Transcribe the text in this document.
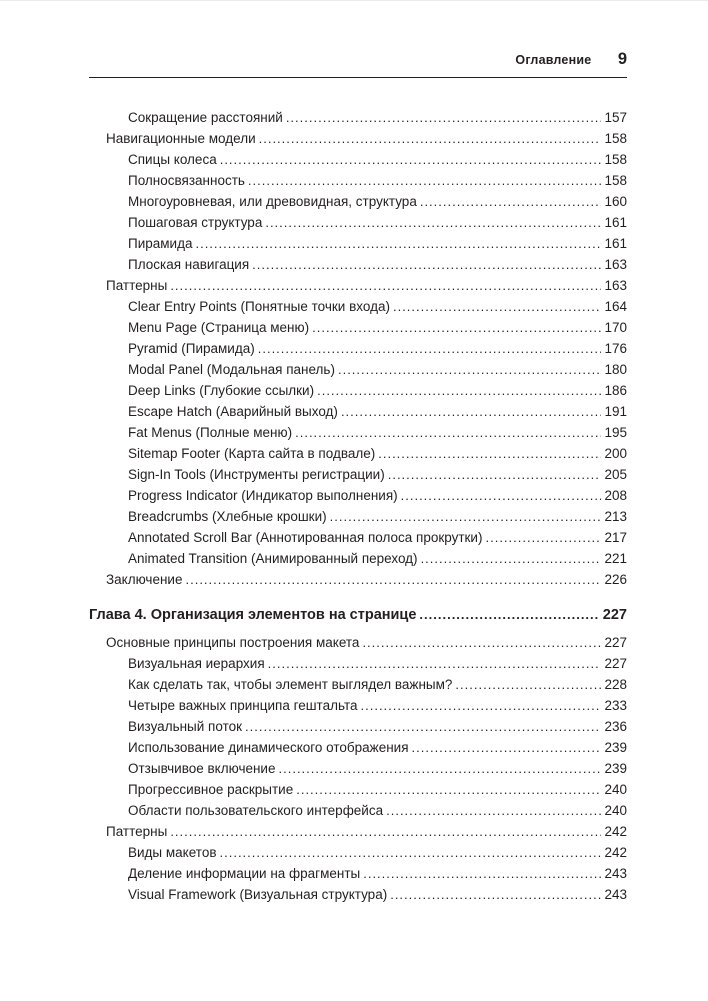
Оглавление 9
Сокращение расстояний .....	157
Навигационные модели .....	158
Спицы колеса .....	158
Полносвязанность .....	158
Многоуровневая, или древовидная, структура .....	160
Пошаговая структура .....	161
Пирамида .....	161
Плоская навигация .....	163
Паттерны .....	163
Clear Entry Points (Понятные точки входа) .....	164
Menu Page (Страница меню) .....	170
Pyramid (Пирамида) .....	176
Modal Panel (Модальная панель) .....	180
Deep Links (Глубокие ссылки) .....	186
Escape Hatch (Аварийный выход) .....	191
Fat Menus (Полные меню) .....	195
Sitemap Footer (Карта сайта в подвале) .....	200
Sign-In Tools (Инструменты регистрации) .....	205
Progress Indicator (Индикатор выполнения) .....	208
Breadcrumbs (Хлебные крошки) .....	213
Annotated Scroll Bar (Аннотированная полоса прокрутки) .....	217
Animated Transition (Анимированный переход) .....	221
Заключение .....	226
Глава 4. Организация элементов на странице .....	227
Основные принципы построения макета .....	227
Визуальная иерархия .....	227
Как сделать так, чтобы элемент выглядел важным? .....	228
Четыре важных принципа гештальта .....	233
Визуальный поток .....	236
Использование динамического отображения .....	239
Отзывчивое включение .....	239
Прогрессивное раскрытие .....	240
Области пользовательского интерфейса .....	240
Паттерны .....	242
Виды макетов .....	242
Деление информации на фрагменты .....	243
Visual Framework (Визуальная структура) .....	243
